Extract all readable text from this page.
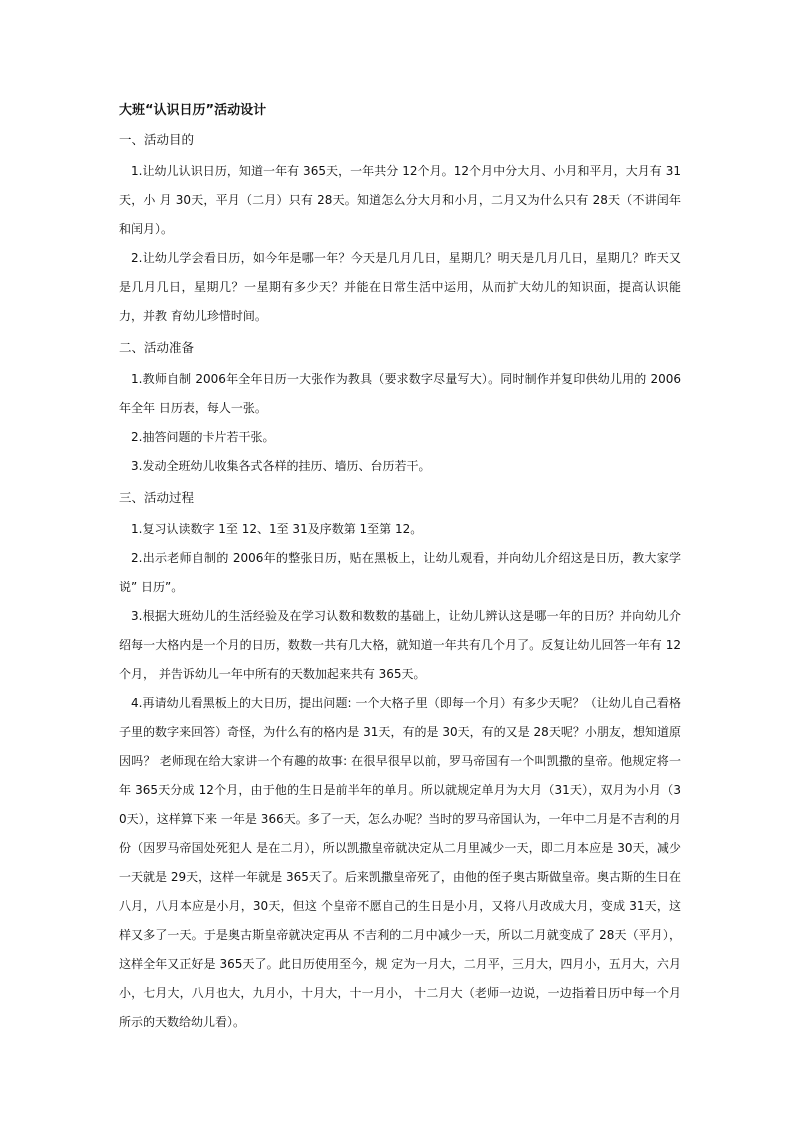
大班“认识日历”活动设计
一、活动目的

1.让幼儿认识日历，知道一年有 365天，一年共分 12个月。12个月中分大月、小月和平月，大月有 31天，小 月 30天，平月（二月）只有 28天。知道怎么分大月和小月，二月又为什么只有 28天（不讲闰年和闰月）。

2.让幼儿学会看日历，如今年是哪一年？今天是几月几日，星期几？明天是几月几日，星期几？昨天又是几月几日，星期几？一星期有多少天？并能在日常生活中运用，从而扩大幼儿的知识面，提高认识能力，并教 育幼儿珍惜时间。

二、活动准备

1.教师自制 2006年全年日历一大张作为教具（要求数字尽量写大）。同时制作并复印供幼儿用的 2006年全年 日历表，每人一张。

2.抽答问题的卡片若干张。

3.发动全班幼儿收集各式各样的挂历、墙历、台历若干。

三、活动过程

1.复习认读数字 1至 12、1至 31及序数第 1至第 12。

2.出示老师自制的 2006年的整张日历，贴在黑板上，让幼儿观看，并向幼儿介绍这是日历，教大家学说” 日历”。

3.根据大班幼儿的生活经验及在学习认数和数数的基础上，让幼儿辨认这是哪一年的日历？并向幼儿介绍每一大格内是一个月的日历，数数一共有几大格，就知道一年共有几个月了。反复让幼儿回答一年有 12个月， 并告诉幼儿一年中所有的天数加起来共有 365天。

4.再请幼儿看黑板上的大日历，提出问题: 一个大格子里（即每一个月）有多少天呢？（让幼儿自己看格子里的数字来回答）奇怪，为什么有的格内是 31天，有的是 30天，有的又是 28天呢？小朋友，想知道原因吗？ 老师现在给大家讲一个有趣的故事: 在很早很早以前，罗马帝国有一个叫凯撒的皇帝。他规定将一年 365天分成 12个月，由于他的生日是前半年的单月。所以就规定单月为大月（31天），双月为小月（30天），这样算下来 一年是 366天。多了一天，怎么办呢？当时的罗马帝国认为，一年中二月是不吉利的月份（因罗马帝国处死犯人 是在二月），所以凯撒皇帝就决定从二月里减少一天，即二月本应是 30天，减少一天就是 29天，这样一年就是 365天了。后来凯撒皇帝死了，由他的侄子奥古斯做皇帝。奥古斯的生日在八月，八月本应是小月，30天，但这 个皇帝不愿自己的生日是小月，又将八月改成大月，变成 31天，这样又多了一天。于是奥古斯皇帝就决定再从 不吉利的二月中减少一天，所以二月就变成了 28天（平月），这样全年又正好是 365天了。此日历使用至今，规 定为一月大，二月平，三月大，四月小，五月大，六月小，七月大，八月也大，九月小，十月大，十一月小， 十二月大（老师一边说，一边指着日历中每一个月所示的天数给幼儿看）。
